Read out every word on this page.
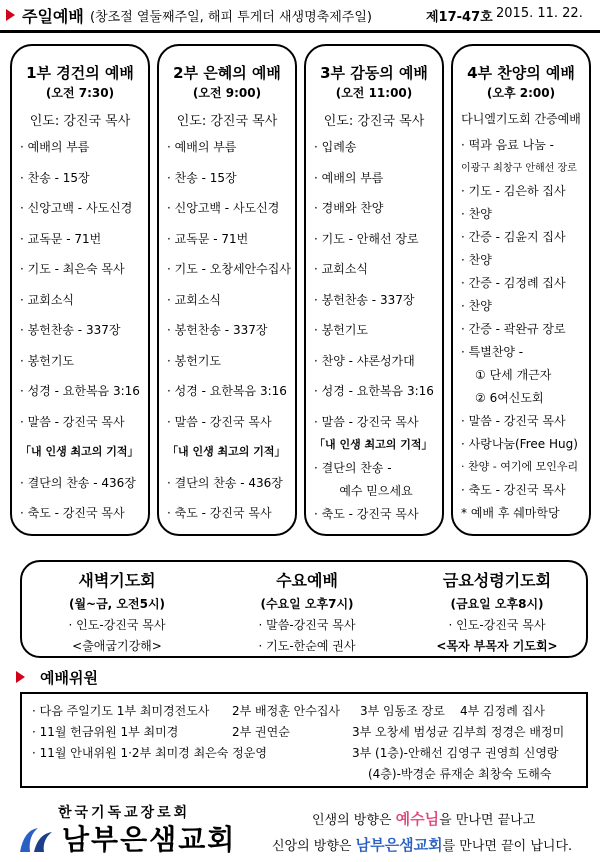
주일예배 (창조절 열둘째주일, 해피 투게더 새생명축제주일)	제17-47호 2015. 11. 22.
1부 경건의 예배
(오전 7:30)
인도: 강진국 목사
· 예배의 부름
· 찬송 - 15장
· 신앙고백 - 사도신경
· 교독문 - 71번
· 기도 - 최은숙 목사
· 교회소식
· 봉헌찬송 - 337장
· 봉헌기도
· 성경 - 요한복음 3:16
· 말씀 - 강진국 목사
「내 인생 최고의 기적」
· 결단의 찬송 - 436장
· 축도 - 강진국 목사
2부 은혜의 예배
(오전 9:00)
인도: 강진국 목사
· 예배의 부름
· 찬송 - 15장
· 신앙고백 - 사도신경
· 교독문 - 71번
· 기도 - 오창세안수집사
· 교회소식
· 봉헌찬송 - 337장
· 봉헌기도
· 성경 - 요한복음 3:16
· 말씀 - 강진국 목사
「내 인생 최고의 기적」
· 결단의 찬송 - 436장
· 축도 - 강진국 목사
3부 감동의 예배
(오전 11:00)
인도: 강진국 목사
· 입례송
· 예배의 부름
· 경배와 찬양
· 기도 - 안해선 장로
· 교회소식
· 봉헌찬송 - 337장
· 봉헌기도
· 찬양 - 샤론성가대
· 성경 - 요한복음 3:16
· 말씀 - 강진국 목사
「내 인생 최고의 기적」
· 결단의 찬송 -
예수 믿으세요
· 축도 - 강진국 목사
4부 찬양의 예배
(오후 2:00)
다니엘기도회 간증예배
· 떡과 음료 나눔 -
이광구 최창구 안해선 장로
· 기도 - 김은하 집사
· 찬양
· 간증 - 김윤지 집사
· 찬양
· 간증 - 김정례 집사
· 찬양
· 간증 - 곽완규 장로
· 특별찬양 -
① 단세 개근자
② 6여신도회
· 말씀 - 강진국 목사
· 사랑나눔(Free Hug)
· 찬양 - 여기에 모인우리
· 축도 - 강진국 목사
* 예배 후 쉐마학당
새벽기도회
(월~금, 오전5시)
· 인도-강진국 목사
<출애굽기강해>
수요예배
(수요일 오후7시)
· 말씀-강진국 목사
· 기도-한순예 권사
금요성령기도회
(금요일 오후8시)
· 인도-강진국 목사
<목자 부목자 기도회>
예배위원
· 다음 주일기도 1부 최미경전도사 2부 배정훈 안수집사 3부 임동조 장로 4부 김정례 집사
· 11월 헌금위원 1부 최미경	2부 권연순	3부 오창세 범성균 김부희 정경은 배정미
· 11월 안내위원 1·2부 최미경 최은숙 정운영	3부 (1층)-안해선 김영구 권영희 신영랑
(4층)-박경순 류재순 최창숙 도해숙
한국기독교장로회
남부은샘교회
인생의 방향은 예수님을 만나면 끝나고
신앙의 방향은 남부은샘교회를 만나면 끝이 납니다.
